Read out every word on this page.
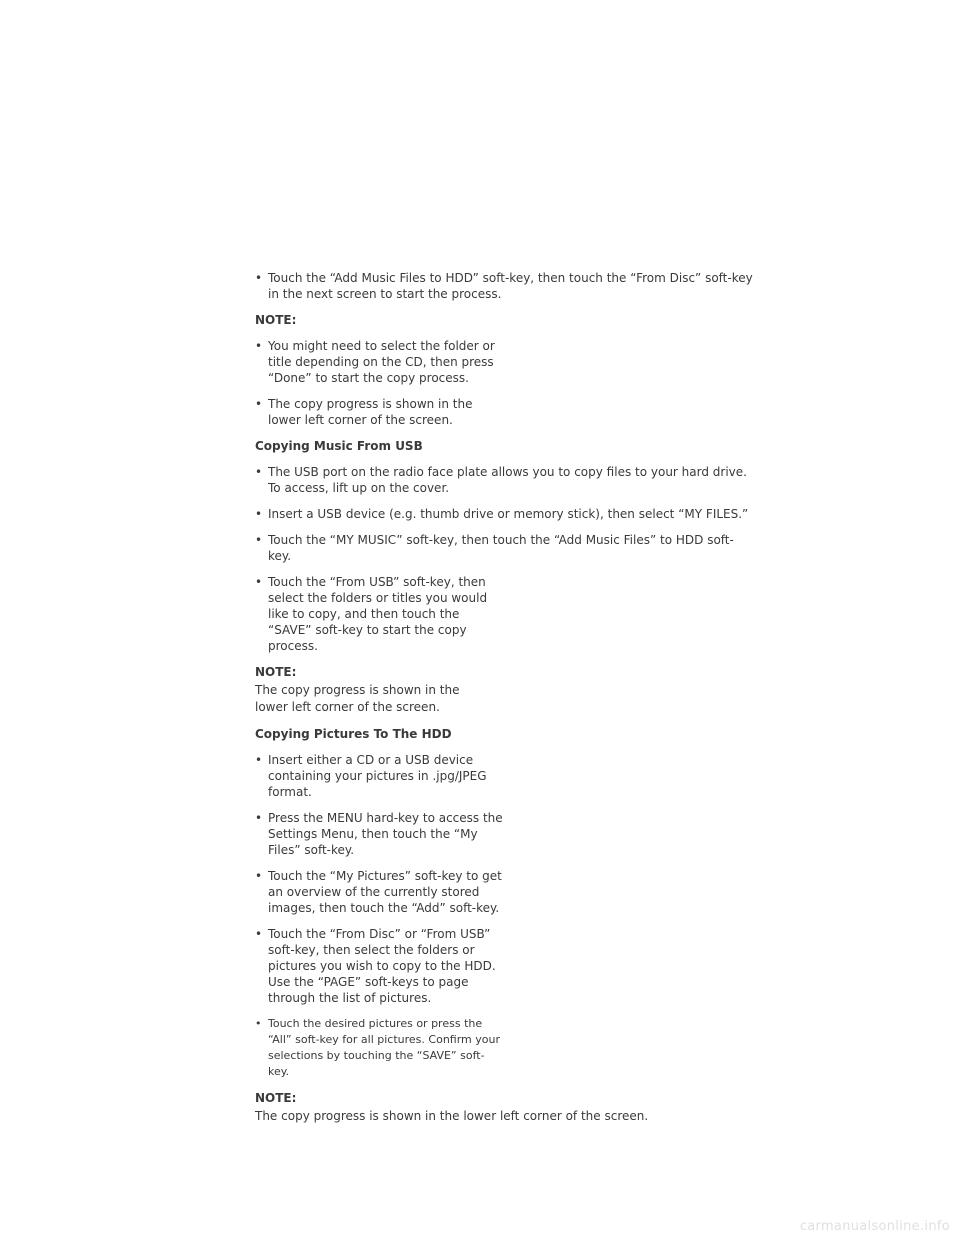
• Touch the “Add Music Files to HDD” soft-key, then touch the “From Disc” soft-key in the next screen to start the process.
NOTE:
• You might need to select the folder or title depending on the CD, then press “Done” to start the copy process.
• The copy progress is shown in the lower left corner of the screen.
Copying Music From USB
• The USB port on the radio face plate allows you to copy files to your hard drive. To access, lift up on the cover.
• Insert a USB device (e.g. thumb drive or memory stick), then select “MY FILES.”
• Touch the “MY MUSIC” soft-key, then touch the “Add Music Files” to HDD soft-key.
• Touch the “From USB” soft-key, then select the folders or titles you would like to copy, and then touch the “SAVE” soft-key to start the copy process.
NOTE:
The copy progress is shown in the lower left corner of the screen.
Copying Pictures To The HDD
• Insert either a CD or a USB device containing your pictures in .jpg/JPEG format.
• Press the MENU hard-key to access the Settings Menu, then touch the “My Files” soft-key.
• Touch the “My Pictures” soft-key to get an overview of the currently stored images, then touch the “Add” soft-key.
• Touch the “From Disc” or “From USB” soft-key, then select the folders or pictures you wish to copy to the HDD. Use the “PAGE” soft-keys to page through the list of pictures.
• Touch the desired pictures or press the “All” soft-key for all pictures. Confirm your selections by touching the “SAVE” soft-key.
NOTE:
The copy progress is shown in the lower left corner of the screen.
carmanualsonline.info
